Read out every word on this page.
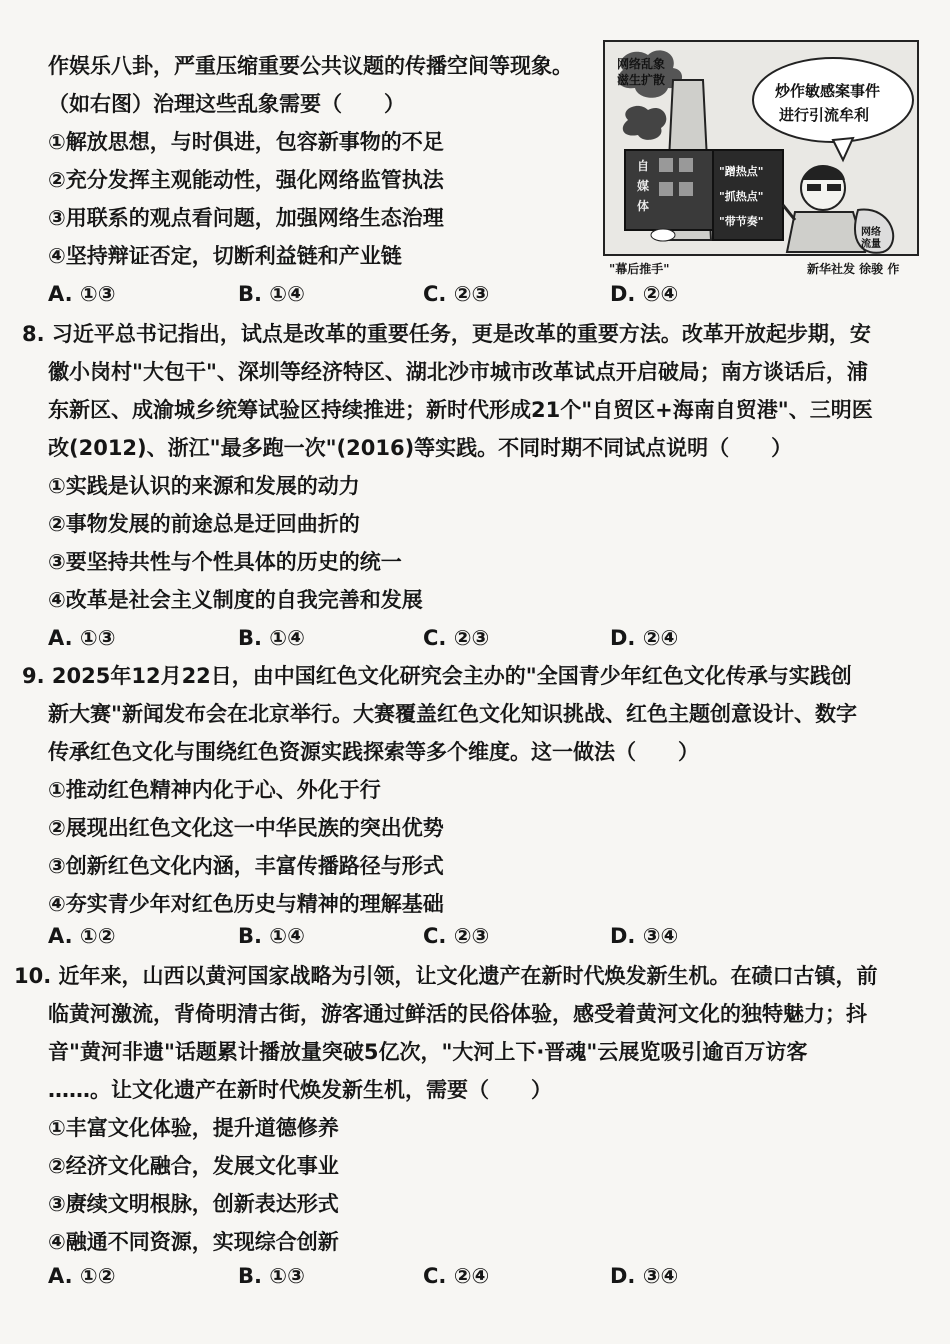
作娱乐八卦，严重压缩重要公共议题的传播空间等现象。
（如右图）治理这些乱象需要（　　）
①解放思想，与时俱进，包容新事物的不足
②充分发挥主观能动性，强化网络监管执法
③用联系的观点看问题，加强网络生态治理
④坚持辩证否定，切断利益链和产业链
A. ①③	B. ①④	C. ②③	D. ②④
网络乱象
滋生扩散
自
媒
体
"蹭热点"
"抓热点"
"带节奏"
炒作敏感案事件
进行引流牟利
网络
流量
"幕后推手"	新华社发 徐骏 作
8. 习近平总书记指出，试点是改革的重要任务，更是改革的重要方法。改革开放起步期，安
徽小岗村"大包干"、深圳等经济特区、湖北沙市城市改革试点开启破局；南方谈话后，浦
东新区、成渝城乡统筹试验区持续推进；新时代形成21个"自贸区+海南自贸港"、三明医
改(2012)、浙江"最多跑一次"(2016)等实践。不同时期不同试点说明（　　）
①实践是认识的来源和发展的动力
②事物发展的前途总是迂回曲折的
③要坚持共性与个性具体的历史的统一
④改革是社会主义制度的自我完善和发展
A. ①③	B. ①④	C. ②③	D. ②④
9. 2025年12月22日，由中国红色文化研究会主办的"全国青少年红色文化传承与实践创
新大赛"新闻发布会在北京举行。大赛覆盖红色文化知识挑战、红色主题创意设计、数字
传承红色文化与围绕红色资源实践探索等多个维度。这一做法（　　）
①推动红色精神内化于心、外化于行
②展现出红色文化这一中华民族的突出优势
③创新红色文化内涵，丰富传播路径与形式
④夯实青少年对红色历史与精神的理解基础
A. ①②	B. ①④	C. ②③	D. ③④
10. 近年来，山西以黄河国家战略为引领，让文化遗产在新时代焕发新生机。在碛口古镇，前
临黄河激流，背倚明清古街，游客通过鲜活的民俗体验，感受着黄河文化的独特魅力；抖
音"黄河非遗"话题累计播放量突破5亿次，"大河上下·晋魂"云展览吸引逾百万访客
……。让文化遗产在新时代焕发新生机，需要（　　）
①丰富文化体验，提升道德修养
②经济文化融合，发展文化事业
③赓续文明根脉，创新表达形式
④融通不同资源，实现综合创新
A. ①②	B. ①③	C. ②④	D. ③④
